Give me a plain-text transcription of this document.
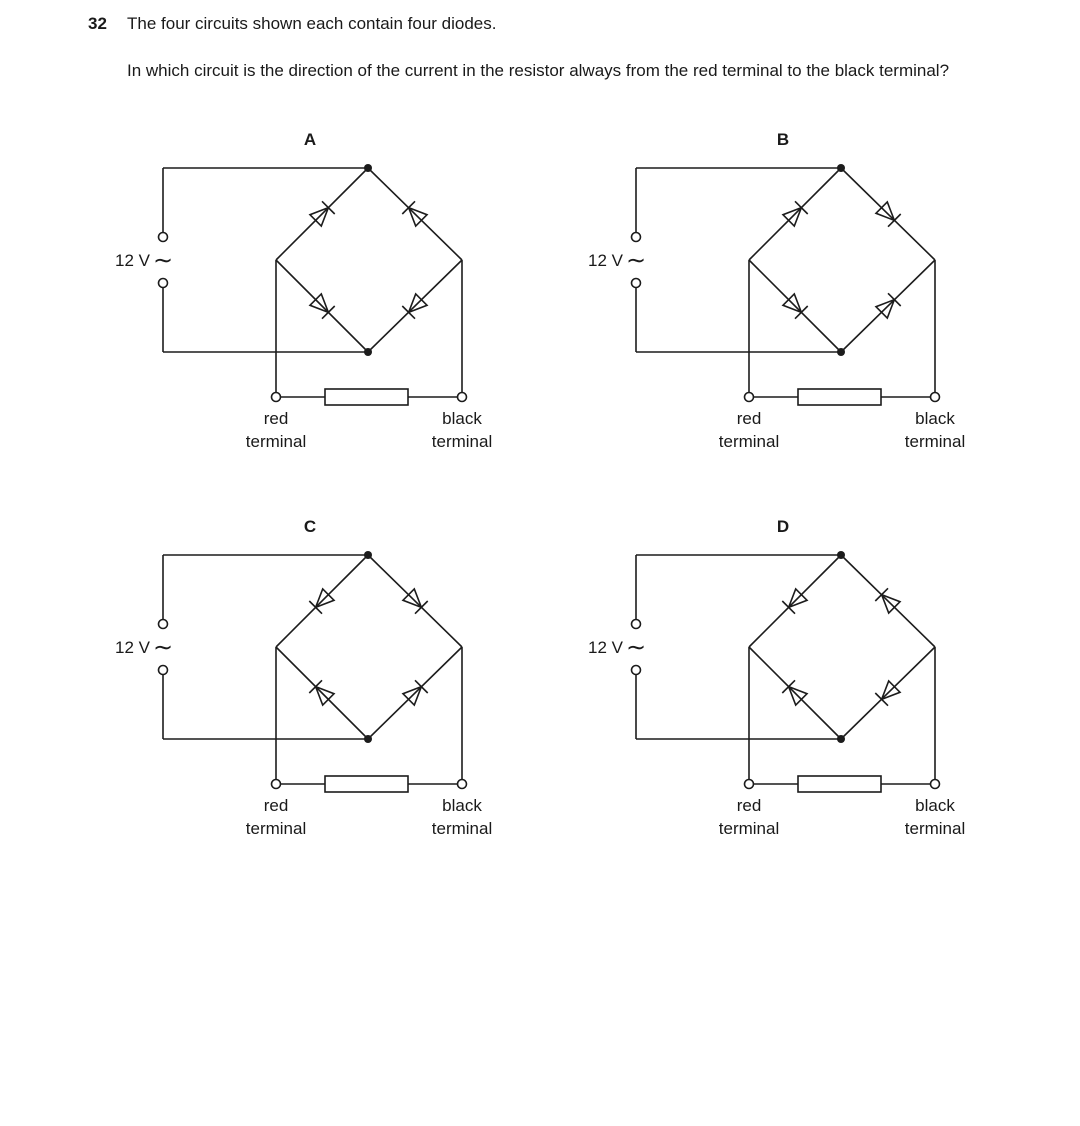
32 The four circuits shown each contain four diodes.
In which circuit is the direction of the current in the resistor always from the red terminal to the black terminal?
A
12 V ∼
red
terminal
black
terminal
B
12 V ∼
red
terminal
black
terminal
C
12 V ∼
red
terminal
black
terminal
D
12 V ∼
red
terminal
black
terminal
